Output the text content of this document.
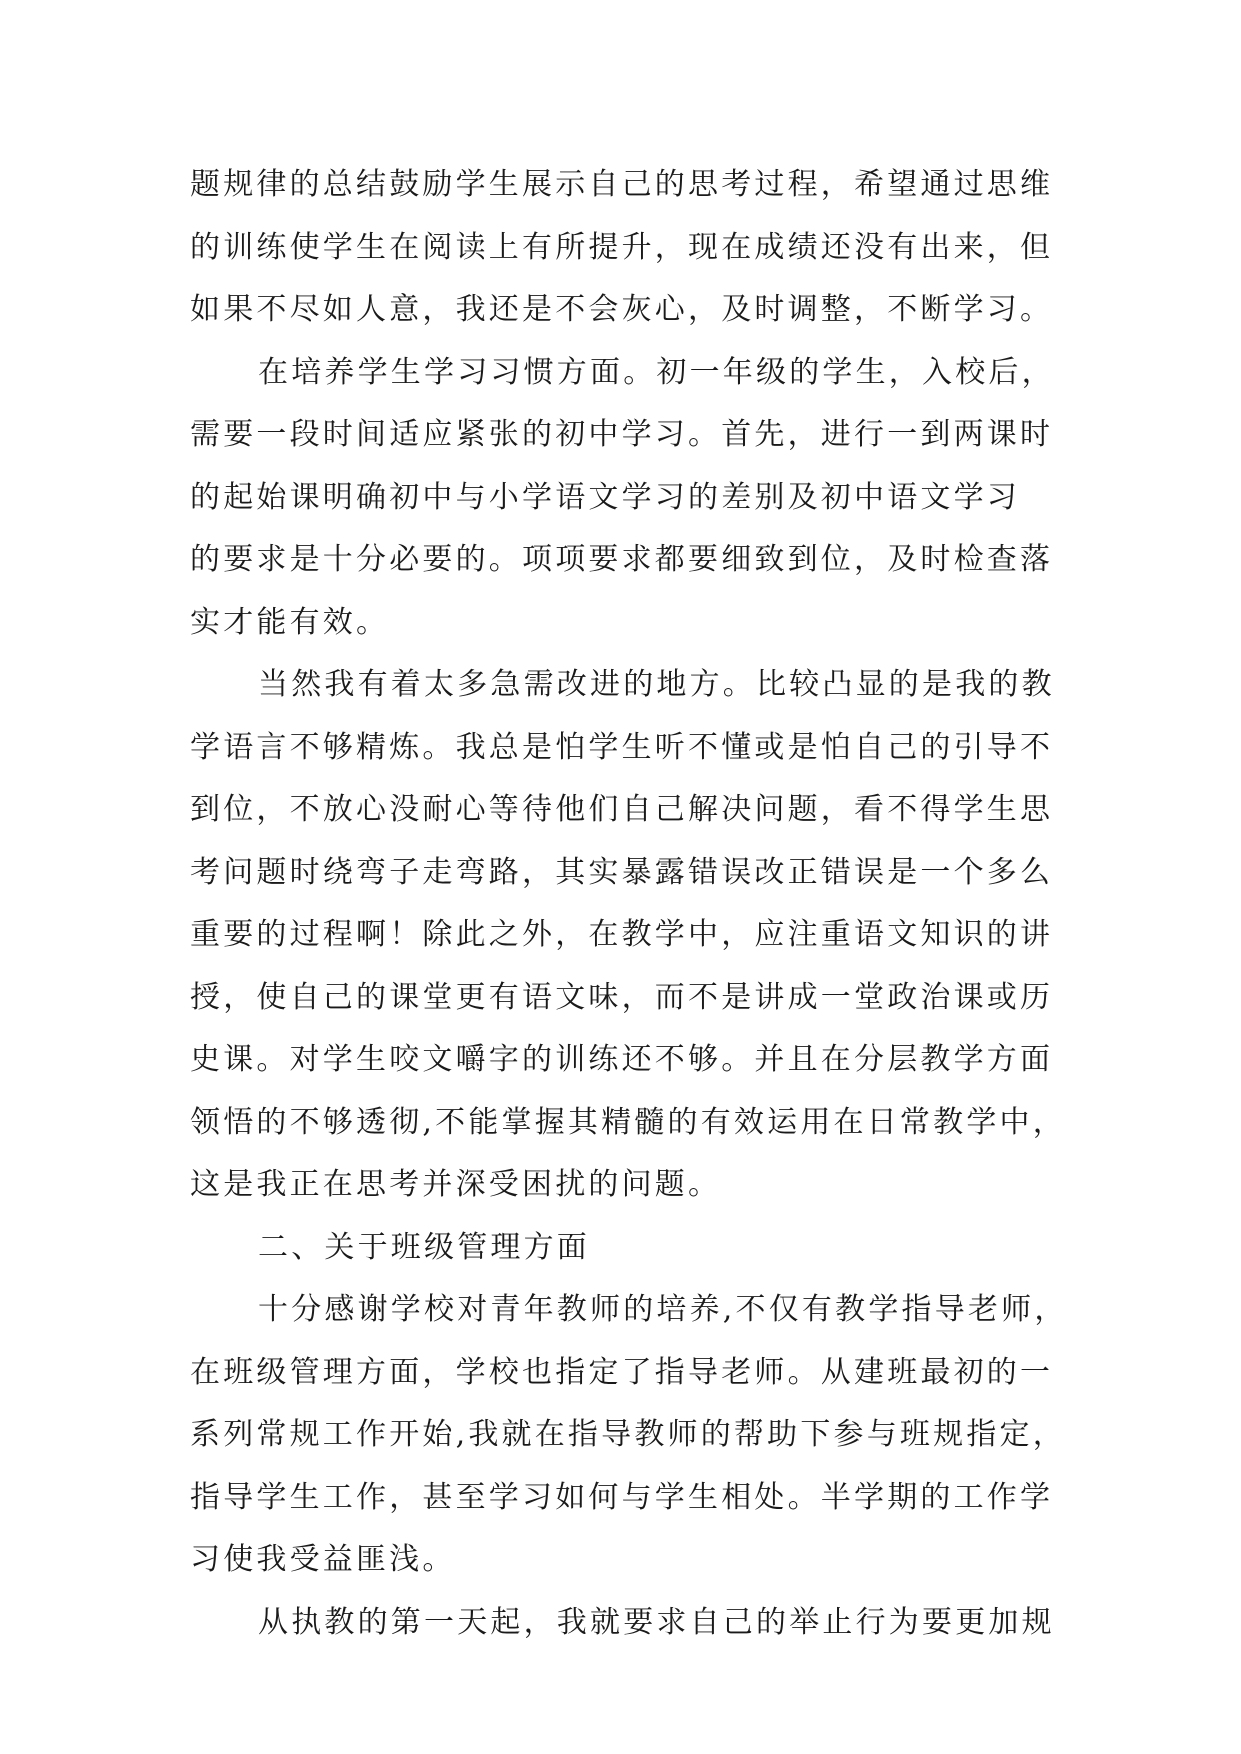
题规律的总结鼓励学生展示自己的思考过程，希望通过思维
的训练使学生在阅读上有所提升，现在成绩还没有出来，但
如果不尽如人意，我还是不会灰心，及时调整，不断学习。
在培养学生学习习惯方面。初一年级的学生，入校后，
需要一段时间适应紧张的初中学习。首先，进行一到两课时
的起始课明确初中与小学语文学习的差别及初中语文学习
的要求是十分必要的。项项要求都要细致到位，及时检查落
实才能有效。
当然我有着太多急需改进的地方。比较凸显的是我的教
学语言不够精炼。我总是怕学生听不懂或是怕自己的引导不
到位，不放心没耐心等待他们自己解决问题，看不得学生思
考问题时绕弯子走弯路，其实暴露错误改正错误是一个多么
重要的过程啊！除此之外，在教学中，应注重语文知识的讲
授，使自己的课堂更有语文味，而不是讲成一堂政治课或历
史课。对学生咬文嚼字的训练还不够。并且在分层教学方面
领悟的不够透彻,不能掌握其精髓的有效运用在日常教学中，
这是我正在思考并深受困扰的问题。
二、关于班级管理方面
十分感谢学校对青年教师的培养,不仅有教学指导老师，
在班级管理方面，学校也指定了指导老师。从建班最初的一
系列常规工作开始,我就在指导教师的帮助下参与班规指定，
指导学生工作，甚至学习如何与学生相处。半学期的工作学
习使我受益匪浅。
从执教的第一天起，我就要求自己的举止行为要更加规
